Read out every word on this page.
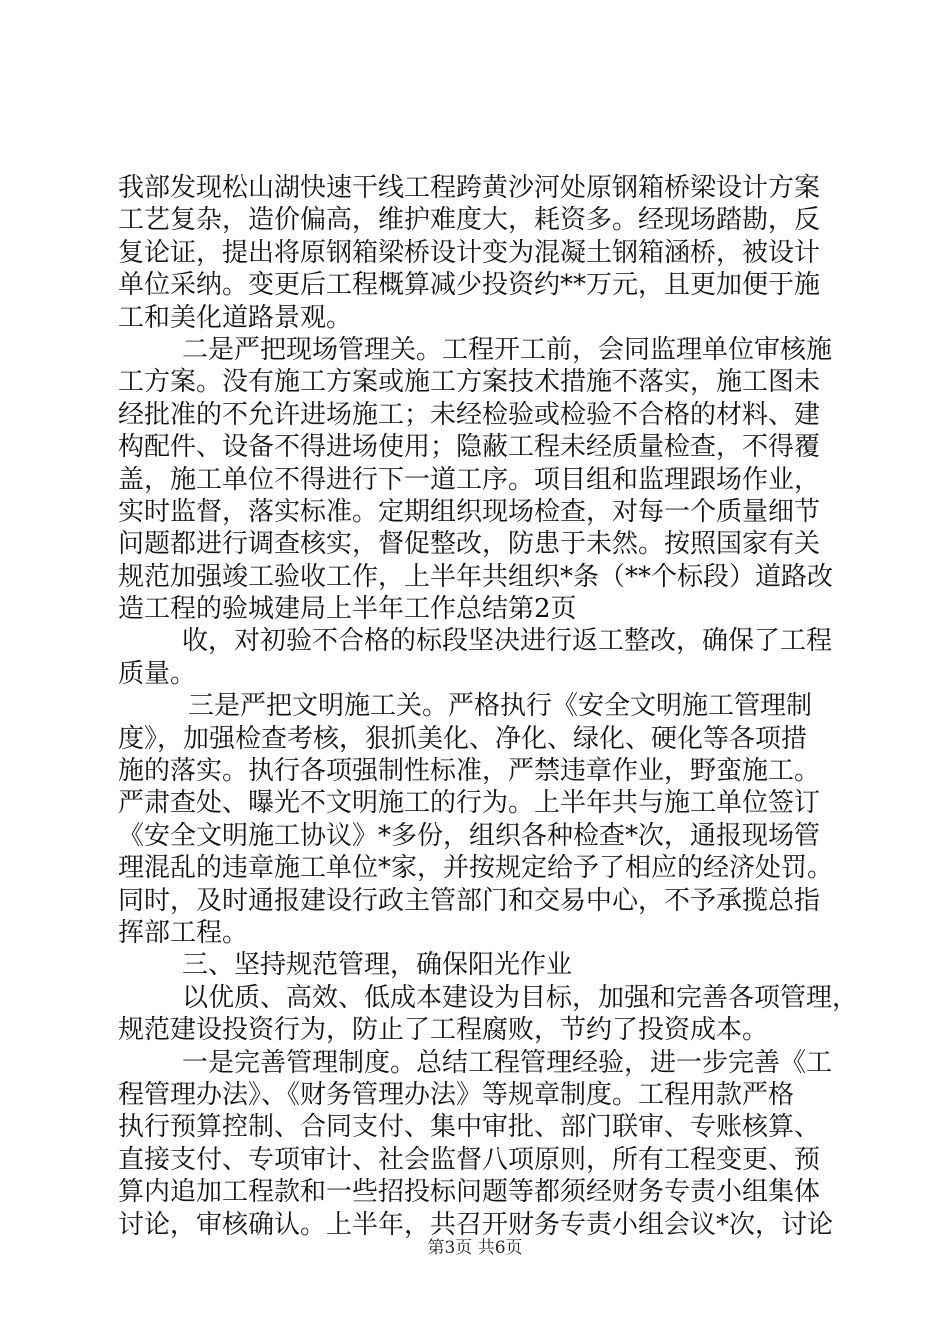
我部发现松山湖快速干线工程跨黄沙河处原钢箱桥梁设计方案
工艺复杂，造价偏高，维护难度大，耗资多。经现场踏勘，反
复论证，提出将原钢箱梁桥设计变为混凝土钢箱涵桥，被设计
单位采纳。变更后工程概算减少投资约**万元，且更加便于施
工和美化道路景观。
二是严把现场管理关。工程开工前，会同监理单位审核施
工方案。没有施工方案或施工方案技术措施不落实，施工图未
经批准的不允许进场施工；未经检验或检验不合格的材料、建
构配件、设备不得进场使用；隐蔽工程未经质量检查，不得覆
盖，施工单位不得进行下一道工序。项目组和监理跟场作业，
实时监督，落实标准。定期组织现场检查，对每一个质量细节
问题都进行调查核实，督促整改，防患于未然。按照国家有关
规范加强竣工验收工作，上半年共组织*条（**个标段）道路改
造工程的验城建局上半年工作总结第2页
收，对初验不合格的标段坚决进行返工整改，确保了工程
质量。
三是严把文明施工关。严格执行《安全文明施工管理制
度》，加强检查考核，狠抓美化、净化、绿化、硬化等各项措
施的落实。执行各项强制性标准，严禁违章作业，野蛮施工。
严肃查处、曝光不文明施工的行为。上半年共与施工单位签订
《安全文明施工协议》*多份，组织各种检查*次，通报现场管
理混乱的违章施工单位*家，并按规定给予了相应的经济处罚。
同时，及时通报建设行政主管部门和交易中心，不予承揽总指
挥部工程。
三、坚持规范管理，确保阳光作业
以优质、高效、低成本建设为目标，加强和完善各项管理，
规范建设投资行为，防止了工程腐败，节约了投资成本。
一是完善管理制度。总结工程管理经验，进一步完善《工
程管理办法》、《财务管理办法》等规章制度。工程用款严格
执行预算控制、合同支付、集中审批、部门联审、专账核算、
直接支付、专项审计、社会监督八项原则，所有工程变更、预
算内追加工程款和一些招投标问题等都须经财务专责小组集体
讨论，审核确认。上半年，共召开财务专责小组会议*次，讨论
第3页 共6页
